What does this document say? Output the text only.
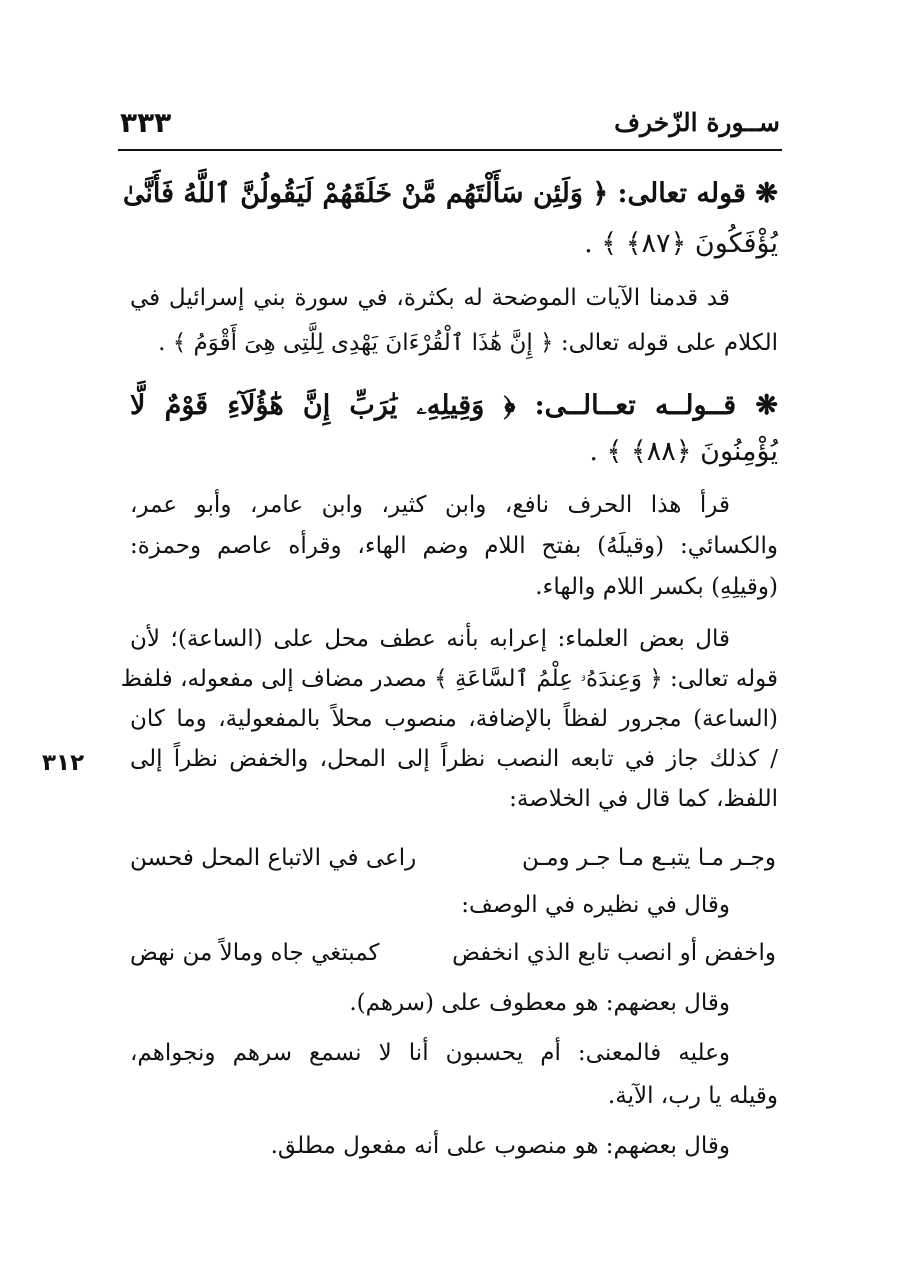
ســورة الزّخرف
٣٣٣
❋ قوله تعالى: ﴿ وَلَئِن سَأَلْتَهُم مَّنْ خَلَقَهُمْ لَيَقُولُنَّ ٱللَّهُ فَأَنَّىٰ
يُؤْفَكُونَ ﴿٨٧﴾ ﴾ .
قد قدمنا الآيات الموضحة له بكثرة، في سورة بني إسرائيل في
الكلام على قوله تعالى: ﴿ إِنَّ هَٰذَا ٱلْقُرْءَانَ يَهْدِى لِلَّتِى هِىَ أَقْوَمُ ﴾ .
❋ قــولــه تعــالــى: ﴿ وَقِيلِهِۦ يَٰرَبِّ إِنَّ هَٰٓؤُلَآءِ قَوْمٌ لَّا
يُؤْمِنُونَ ﴿٨٨﴾ ﴾ .
قرأ هذا الحرف نافع، وابن كثير، وابن عامر، وأبو عمر،
والكسائي: (وقيلَهُ) بفتح اللام وضم الهاء، وقرأه عاصم وحمزة:
(وقيلِهِ) بكسر اللام والهاء.
قال بعض العلماء: إعرابه بأنه عطف محل على (الساعة)؛ لأن
قوله تعالى: ﴿ وَعِندَهُۥ عِلْمُ ٱلسَّاعَةِ ﴾ مصدر مضاف إلى مفعوله، فلفظ
(الساعة) مجرور لفظاً بالإضافة، منصوب محلاً بالمفعولية، وما كان
/ كذلك جاز في تابعه النصب نظراً إلى المحل، والخفض نظراً إلى
٣١٢
اللفظ، كما قال في الخلاصة:
وجـر مـا يتبـع مـا جـر ومـن
راعى في الاتباع المحل فحسن
وقال في نظيره في الوصف:
واخفض أو انصب تابع الذي انخفض
كمبتغي جاه ومالاً من نهض
وقال بعضهم: هو معطوف على (سرهم).
وعليه فالمعنى: أم يحسبون أنا لا نسمع سرهم ونجواهم،
وقيله يا رب، الآية.
وقال بعضهم: هو منصوب على أنه مفعول مطلق.
